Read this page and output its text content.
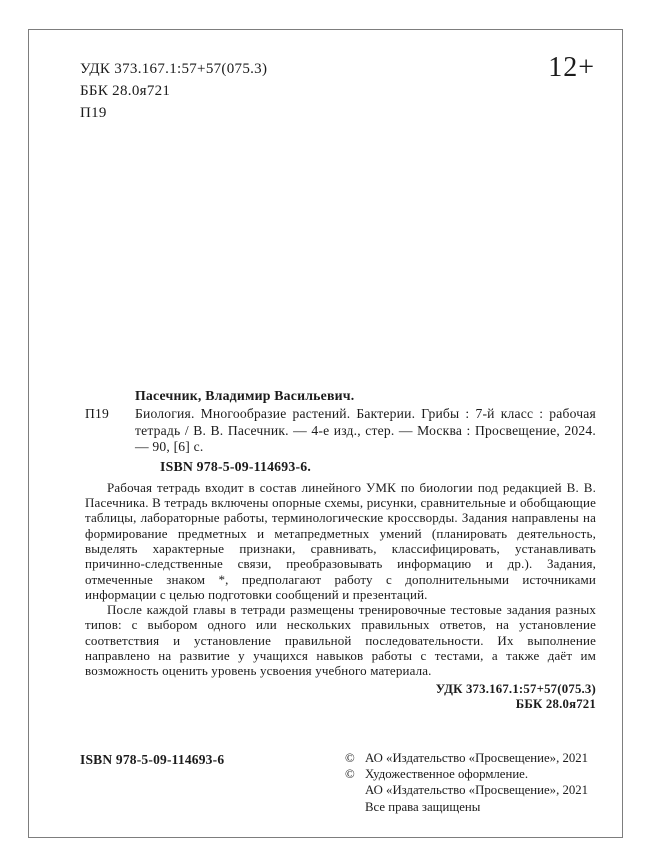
УДК 373.167.1:57+57(075.3)
ББК 28.0я721
П19
12+
Пасечник, Владимир Васильевич.
П19 Биология. Многообразие растений. Бактерии. Грибы : 7-й класс : рабочая тетрадь / В. В. Пасечник. — 4-е изд., стер. — Москва : Просвещение, 2024. — 90, [6] с.
ISBN 978-5-09-114693-6.

Рабочая тетрадь входит в состав линейного УМК по биологии под редакцией В. В. Пасечника. В тетрадь включены опорные схемы, рисунки, сравнительные и обобщающие таблицы, лабораторные работы, терминологические кроссворды. Задания направлены на формирование предметных и метапредметных умений (планировать деятельность, выделять характерные признаки, сравнивать, классифицировать, устанавливать причинно-следственные связи, преобразовывать информацию и др.). Задания, отмеченные знаком *, предполагают работу с дополнительными источниками информации с целью подготовки сообщений и презентаций.

После каждой главы в тетради размещены тренировочные тестовые задания разных типов: с выбором одного или нескольких правильных ответов, на установление соответствия и установление правильной последовательности. Их выполнение направлено на развитие у учащихся навыков работы с тестами, а также даёт им возможность оценить уровень усвоения учебного материала.

УДК 373.167.1:57+57(075.3)
ББК 28.0я721
ISBN 978-5-09-114693-6	© АО «Издательство «Просвещение», 2021
© Художественное оформление.
АО «Издательство «Просвещение», 2021
Все права защищены
